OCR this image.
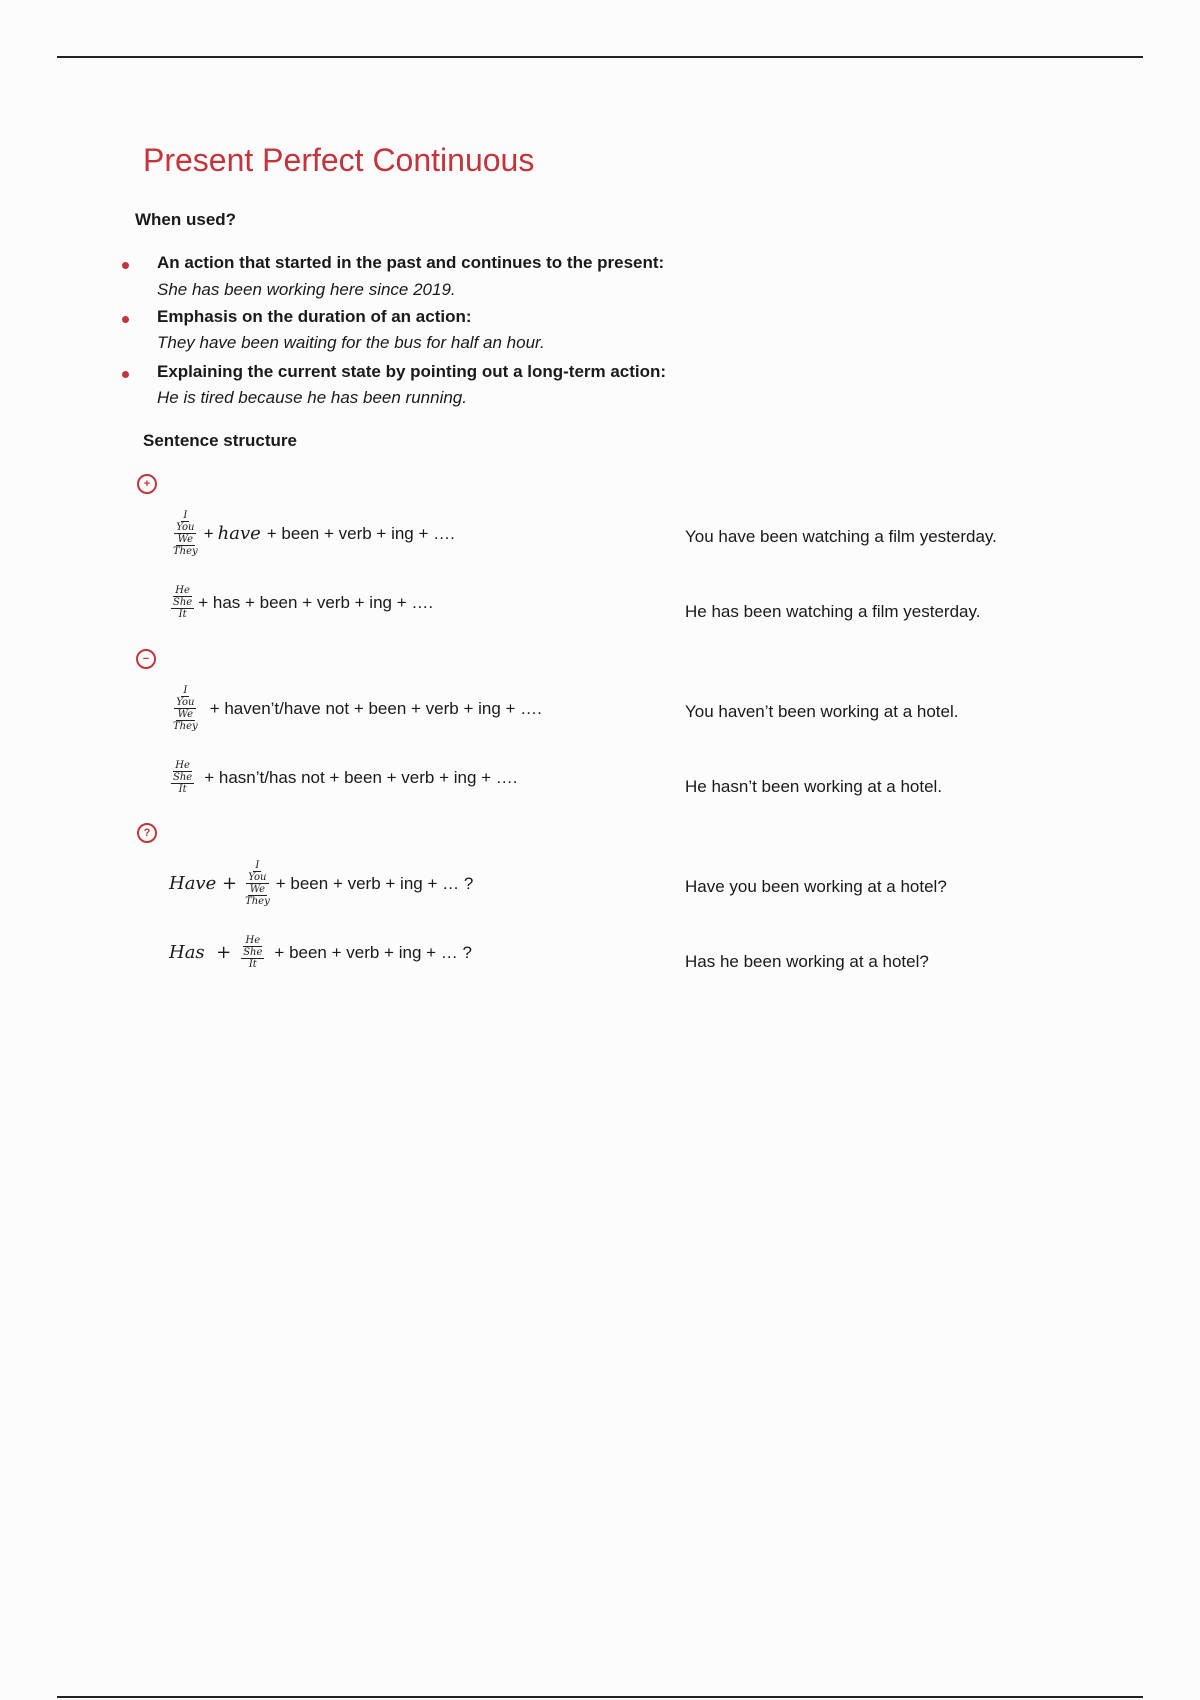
Present Perfect Continuous
When used?
An action that started in the past and continues to the present:
She has been working here since 2019.
Emphasis on the duration of an action:
They have been waiting for the bus for half an hour.
Explaining the current state by pointing out a long-term action:
He is tired because he has been running.
Sentence structure
+
I
You
We
They
+ have + been + verb + ing + ….	You have been watching a film yesterday.
He
She
It
+ has + been + verb + ing + ….	He has been watching a film yesterday.
−
I
You
We
They
+ haven’t/have not + been + verb + ing + ….	You haven’t been working at a hotel.
He
She
It
+ hasn’t/has not + been + verb + ing + ….	He hasn’t been working at a hotel.
?
Have +
I
You
We
They
+ been + verb + ing + … ?	Have you been working at a hotel?
Has  +
He
She
It
+ been + verb + ing + … ?	Has he been working at a hotel?
